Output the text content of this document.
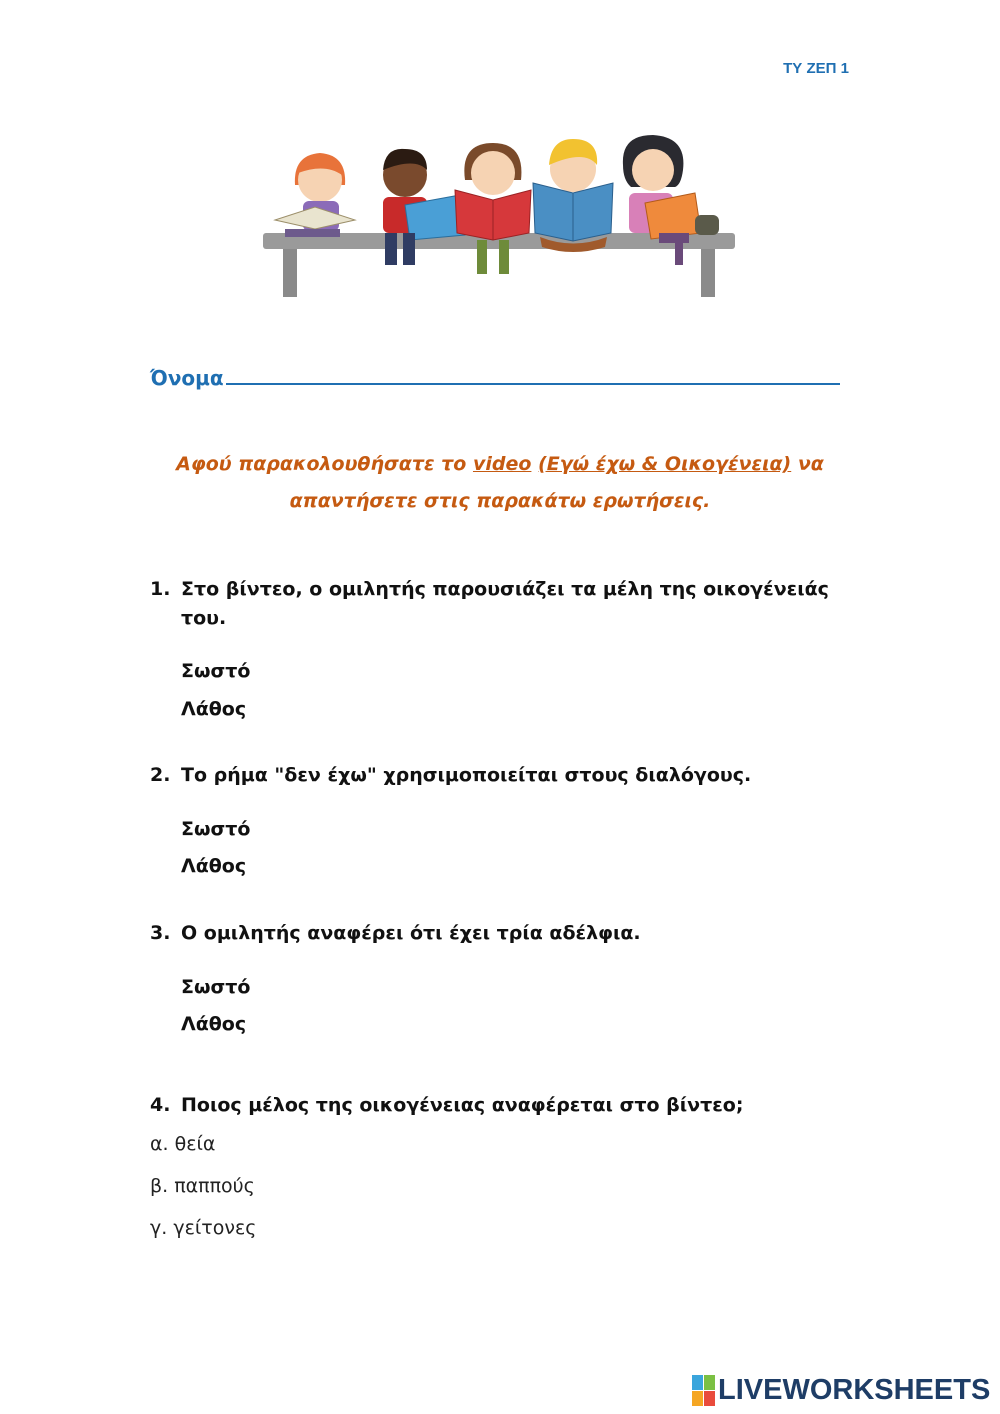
ΤΥ ΖΕΠ 1
Όνομα
Αφού παρακολουθήσατε το video (Εγώ έχω & Οικογένεια) να
απαντήσετε στις παρακάτω ερωτήσεις.
1. Στο βίντεο, ο ομιλητής παρουσιάζει τα μέλη της οικογένειάς του.
Σωστό
Λάθος
2. Το ρήμα "δεν έχω" χρησιμοποιείται στους διαλόγους.
Σωστό
Λάθος
3. Ο ομιλητής αναφέρει ότι έχει τρία αδέλφια.
Σωστό
Λάθος
4. Ποιος μέλος της οικογένειας αναφέρεται στο βίντεο;
α. θεία
β. παππούς
γ. γείτονες
LIVEWORKSHEETS
